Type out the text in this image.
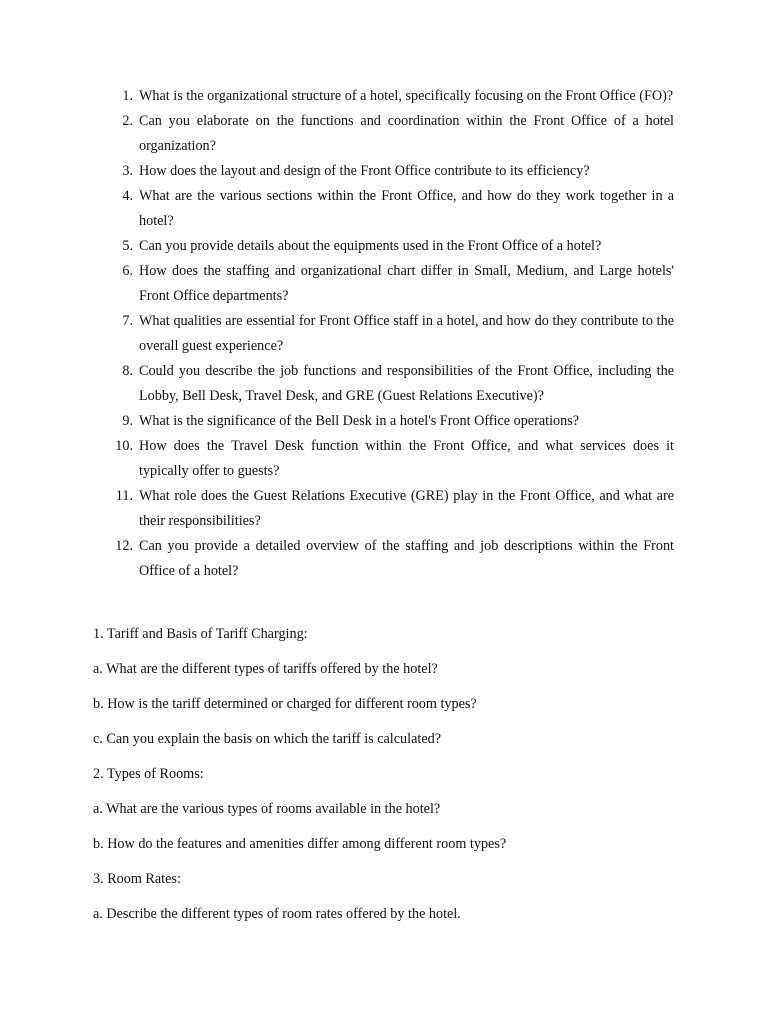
1. What is the organizational structure of a hotel, specifically focusing on the Front Office (FO)?
2. Can you elaborate on the functions and coordination within the Front Office of a hotel organization?
3. How does the layout and design of the Front Office contribute to its efficiency?
4. What are the various sections within the Front Office, and how do they work together in a hotel?
5. Can you provide details about the equipments used in the Front Office of a hotel?
6. How does the staffing and organizational chart differ in Small, Medium, and Large hotels' Front Office departments?
7. What qualities are essential for Front Office staff in a hotel, and how do they contribute to the overall guest experience?
8. Could you describe the job functions and responsibilities of the Front Office, including the Lobby, Bell Desk, Travel Desk, and GRE (Guest Relations Executive)?
9. What is the significance of the Bell Desk in a hotel's Front Office operations?
10. How does the Travel Desk function within the Front Office, and what services does it typically offer to guests?
11. What role does the Guest Relations Executive (GRE) play in the Front Office, and what are their responsibilities?
12. Can you provide a detailed overview of the staffing and job descriptions within the Front Office of a hotel?

1. Tariff and Basis of Tariff Charging:

a. What are the different types of tariffs offered by the hotel?

b. How is the tariff determined or charged for different room types?

c. Can you explain the basis on which the tariff is calculated?

2. Types of Rooms:

a. What are the various types of rooms available in the hotel?

b. How do the features and amenities differ among different room types?

3. Room Rates:

a. Describe the different types of room rates offered by the hotel.
